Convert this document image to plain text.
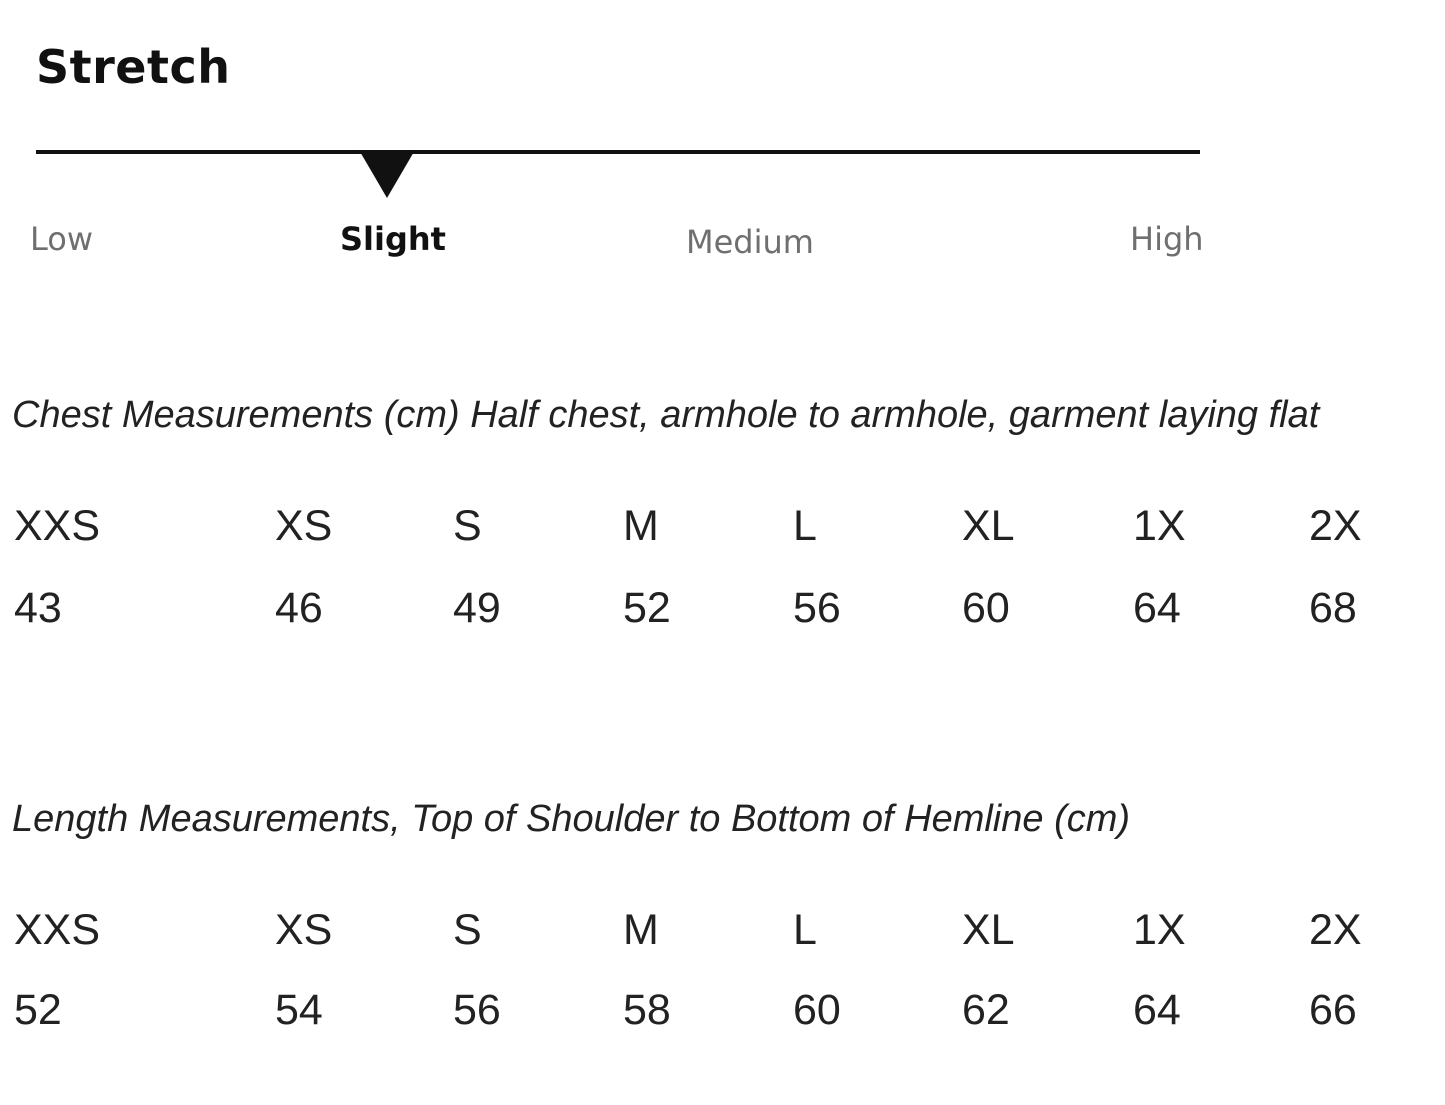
Stretch
Low	Slight	Medium	High
Chest Measurements (cm) Half chest, armhole to armhole, garment laying flat
XXS	XS	S	M	L	XL	1X	2X
43	46	49	52	56	60	64	68
Length Measurements, Top of Shoulder to Bottom of Hemline (cm)
XXS	XS	S	M	L	XL	1X	2X
52	54	56	58	60	62	64	66
